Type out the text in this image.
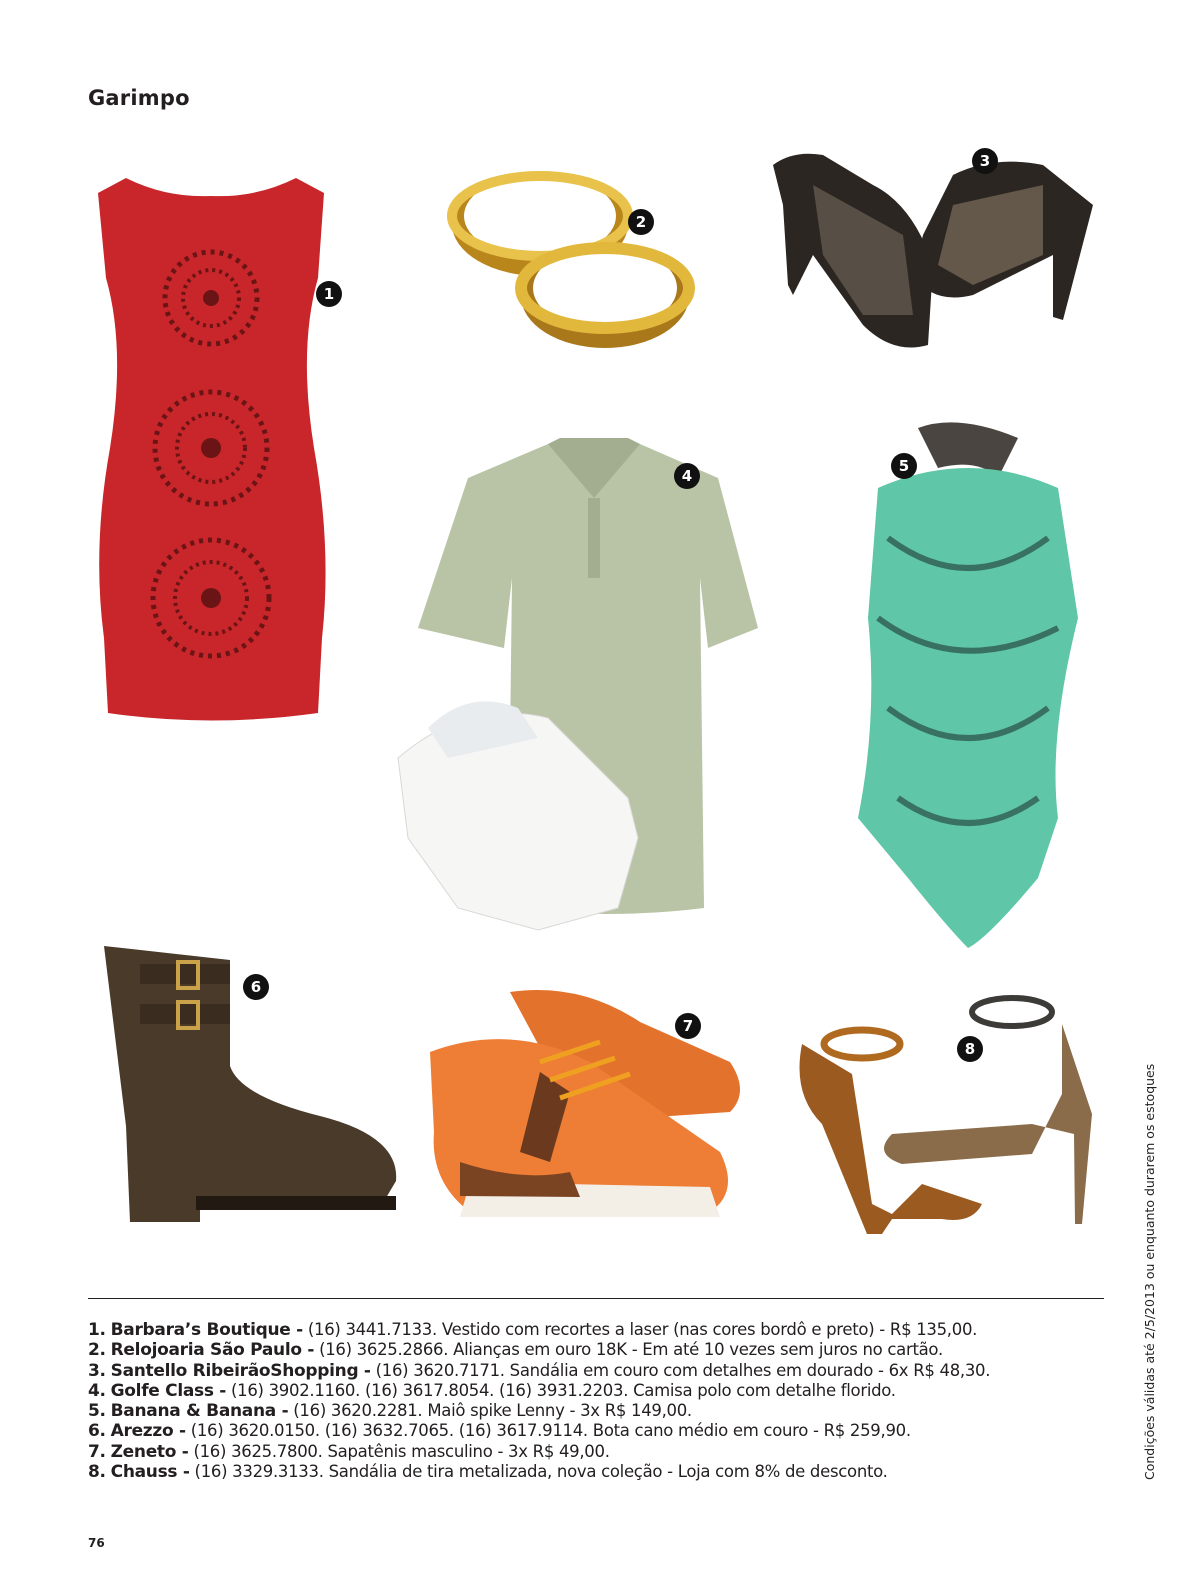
Garimpo
1
2
3
4
5
6
7
8
1. Barbara’s Boutique - (16) 3441.7133. Vestido com recortes a laser (nas cores bordô e preto) - R$ 135,00.
2. Relojoaria São Paulo - (16) 3625.2866. Alianças em ouro 18K - Em até 10 vezes sem juros no cartão.
3. Santello RibeirãoShopping - (16) 3620.7171. Sandália em couro com detalhes em dourado - 6x R$ 48,30.
4. Golfe Class - (16) 3902.1160. (16) 3617.8054. (16) 3931.2203. Camisa polo com detalhe florido.
5. Banana & Banana - (16) 3620.2281. Maiô spike Lenny - 3x R$ 149,00.
6. Arezzo - (16) 3620.0150. (16) 3632.7065. (16) 3617.9114. Bota cano médio em couro - R$ 259,90.
7. Zeneto - (16) 3625.7800. Sapatênis masculino - 3x R$ 49,00.
8. Chauss - (16) 3329.3133. Sandália de tira metalizada, nova coleção - Loja com 8% de desconto.
76
Condições válidas até 2/5/2013 ou enquanto durarem os estoques
